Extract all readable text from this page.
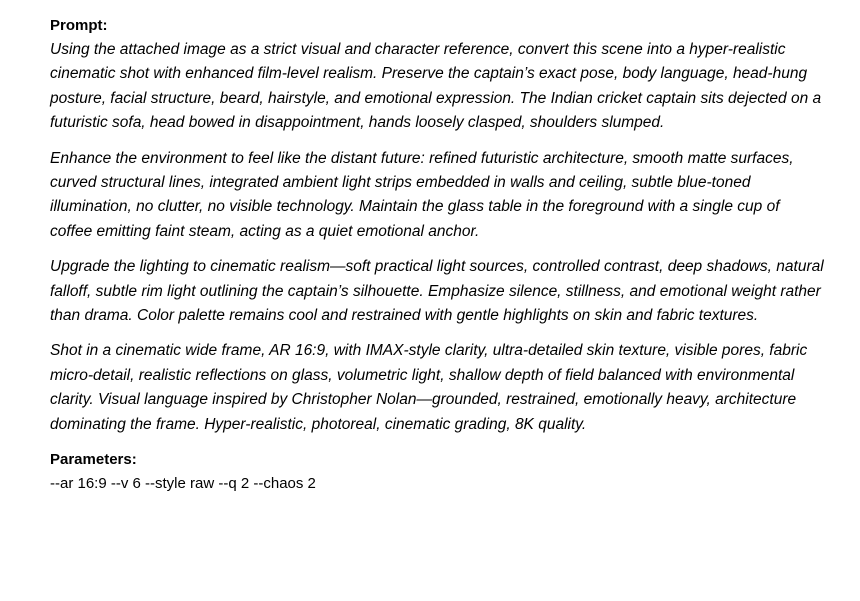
Prompt:

Using the attached image as a strict visual and character reference, convert this scene into a hyper-realistic cinematic shot with enhanced film-level realism. Preserve the captain’s exact pose, body language, head-hung posture, facial structure, beard, hairstyle, and emotional expression. The Indian cricket captain sits dejected on a futuristic sofa, head bowed in disappointment, hands loosely clasped, shoulders slumped.

Enhance the environment to feel like the distant future: refined futuristic architecture, smooth matte surfaces, curved structural lines, integrated ambient light strips embedded in walls and ceiling, subtle blue-toned illumination, no clutter, no visible technology. Maintain the glass table in the foreground with a single cup of coffee emitting faint steam, acting as a quiet emotional anchor.

Upgrade the lighting to cinematic realism—soft practical light sources, controlled contrast, deep shadows, natural falloff, subtle rim light outlining the captain’s silhouette. Emphasize silence, stillness, and emotional weight rather than drama. Color palette remains cool and restrained with gentle highlights on skin and fabric textures.

Shot in a cinematic wide frame, AR 16:9, with IMAX-style clarity, ultra-detailed skin texture, visible pores, fabric micro-detail, realistic reflections on glass, volumetric light, shallow depth of field balanced with environmental clarity. Visual language inspired by Christopher Nolan—grounded, restrained, emotionally heavy, architecture dominating the frame. Hyper-realistic, photoreal, cinematic grading, 8K quality.

Parameters:

--ar 16:9 --v 6 --style raw --q 2 --chaos 2
